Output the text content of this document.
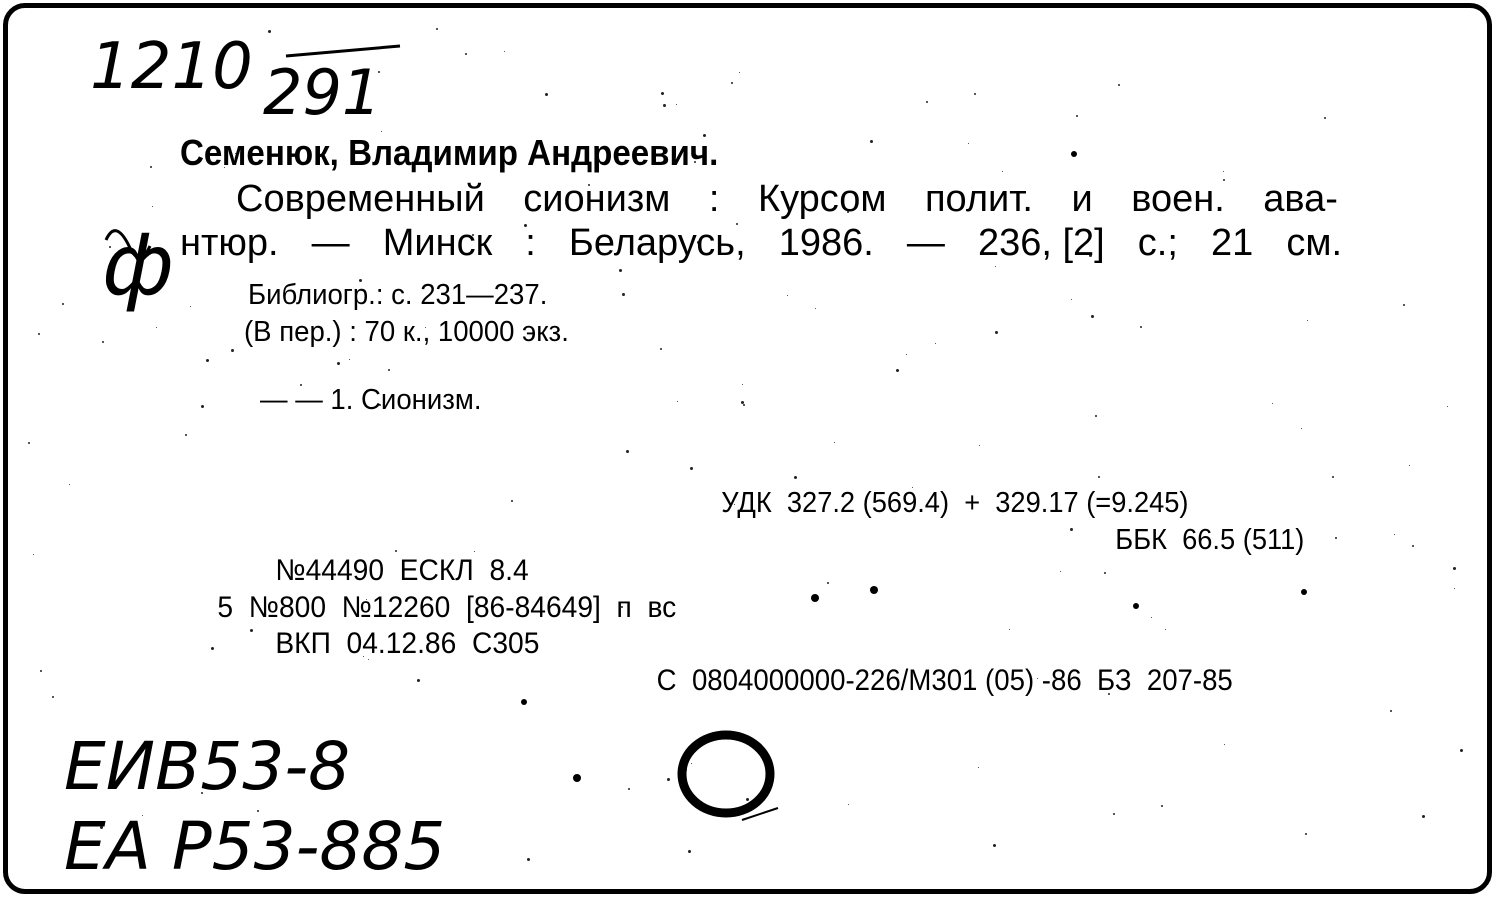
1210 291
ф
Семенюк, Владимир Андреевич.
Современный сионизм : Курсом полит. и воен. ава-
нтюр. — Минск : Беларусь, 1986. — 236, [2] с.; 21 см.
Библиогр.: с. 231—237.
(В пер.) : 70 к., 10000 экз.
— — 1. Сионизм.

УДК  327.2 (569.4)  +  329.17 (=9.245)

ББК  66.5 (511)

№44490  ЕСКЛ  8.4

5  №800  №12260  [86-84649]  п  вс

ВКП  04.12.86  С305

С  0804000000-226/М301 (05) -86  БЗ  207-85

ЕИВ53-8
ЕА Р53-885
